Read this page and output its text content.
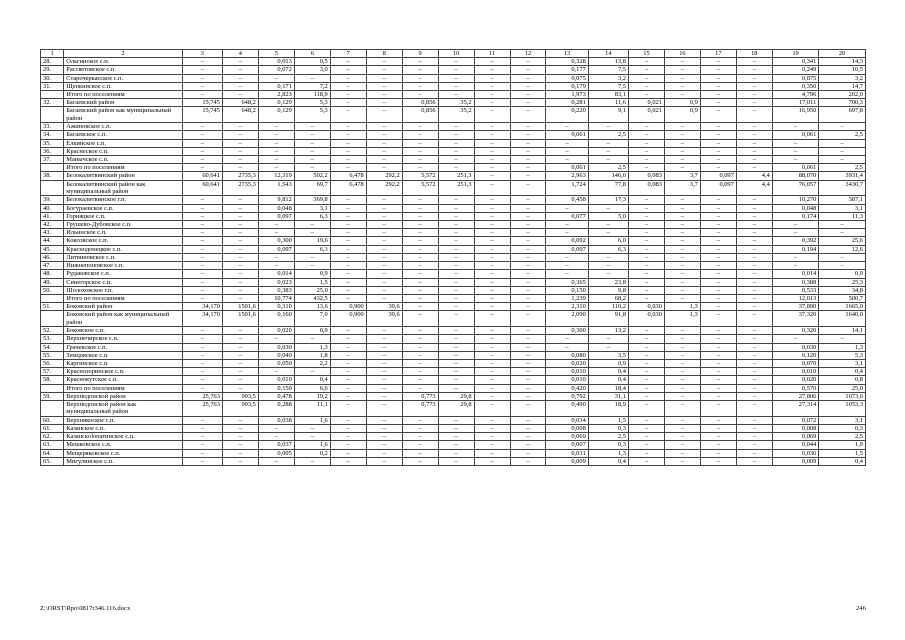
1	2	3	4	5	6	7	8	9	10	11	12	13	14	15	16	17	18	19	20
28.	Ольгинское с.п.	–	–	0,013	0,5	–	–	–	–	–	–	0,328	13,8	–	–	–	–	0,341	14,3
29.	Рассветовское с.п.	–	–	0,072	3,0	–	–	–	–	–	–	0,177	7,5	–	–	–	–	0,249	10,5
30.	Старочеркасское с.п.	–	–	–	–	–	–	–	–	–	–	0,075	3,2	–	–	–	–	0,075	3,2
31.	Щепкинское с.п.	–	–	0,171	7,2	–	–	–	–	–	–	0,179	7,5	–	–	–	–	0,350	14,7
	Итого по поселениям	–	–	2,823	118,9	–	–	–	–	–	–	1,973	83,1	–	–	–	–	4,796	202,0
32.	Багаевский район	15,745	648,2	0,129	5,3	–	–	0,856	35,2	–	–	0,281	11,6	0,021	0,9	–	–	17,011	700,3
	Багаевский район как муниципальный район	15,745	648,2	0,129	5,3	–	–	0,856	35,2	–	–	0,220	9,1	0,021	0,9	–	–	16,950	697,8
33.	Ажиновское с.п.	–	–	–	–	–	–	–	–	–	–	–	–	–	–	–	–	–	–
34.	Багаевское с.п.	–	–	–	–	–	–	–	–	–	–	0,061	2,5	–	–	–	–	0,061	2,5
35.	Елкинское с.п.	–	–	–	–	–	–	–	–	–	–	–	–	–	–	–	–	–	–
36.	Краснеское с.п.	–	–	–	–	–	–	–	–	–	–	–	–	–	–	–	–	–	–
37.	Манычское с.п.	–	–	–	–	–	–	–	–	–	–	–	–	–	–	–	–	–	–
	Итого по поселениям	–	–	–	–	–	–	–	–	–	–	0,061	2,5	–	–	–	–	0,061	2,5
38.	Белокалитвинский район	60,641	2735,3	12,319	502,2	6,478	292,2	5,572	251,3	–	–	2,963	146,0	0,083	3,7	0,097	4,4	88,070	3931,4
	Белокалитвинский район как муниципальный район	60,641	2735,3	1,543	69,7	6,478	292,2	5,572	251,3	–	–	1,724	77,8	0,083	3,7	0,097	4,4	76,057	3430,7
39.	Белокалитвинское г.п.	–	–	9,812	369,8	–	–	–	–	–	–	0,458	17,3	–	–	–	–	10,270	387,1
40.	Богураевское с.п.	–	–	0,048	3,1	–	–	–	–	–	–	–	–	–	–	–	–	0,048	3,1
41.	Горняцкое с.п.	–	–	0,097	6,3	–	–	–	–	–	–	0,077	5,0	–	–	–	–	0,174	11,3
42.	Грушево-Дубовское с.п.	–	–	–	–	–	–	–	–	–	–	–	–	–	–	–	–	–	–
43.	Ильинское с.п.	–	–	–	–	–	–	–	–	–	–	–	–	–	–	–	–	–	–
44.	Коксовское с.п.	–	–	0,300	19,6	–	–	–	–	–	–	0,092	6,0	–	–	–	–	0,392	25,6
45.	Краснодонецкое с.п.	–	–	0,097	6,3	–	–	–	–	–	–	0,097	6,3	–	–	–	–	0,194	12,6
46.	Литвиновское с.п.	–	–	–	–	–	–	–	–	–	–	–	–	–	–	–	–	–	–
47.	Нижнепоповское с.п.	–	–	–	–	–	–	–	–	–	–	–	–	–	–	–	–	–	–
48.	Рудаковское с.п.	–	–	0,014	0,9	–	–	–	–	–	–	–	–	–	–	–	–	0,014	0,9
49.	Синегорское с.п.	–	–	0,023	1,5	–	–	–	–	–	–	0,365	23,8	–	–	–	–	0,388	25,3
50.	Шолоховское г.п.	–	–	0,383	25,0	–	–	–	–	–	–	0,150	9,8	–	–	–	–	0,533	34,8
	Итого по поселениям	–	–	10,774	432,5	–	–	–	–	–	–	1,239	68,2	–	–	–	–	12,013	500,7
51.	Боковский район	34,170	1501,6	0,310	13,6	0,900	39,6	–	–	–	–	2,310	110,2	0,030	1,3	–	–	37,890	1665,0
	Боковский район как муниципальный район	34,170	1501,6	0,160	7,0	0,900	39,6	–	–	–	–	2,090	91,8	0,030	1,3	–	–	37,320	1640,0
52.	Боковское с.п.	–	–	0,020	0,9	–	–	–	–	–	–	0,300	13,2	–	–	–	–	0,320	14,1
53.	Верхнечирское с.п.	–	–	–	–	–	–	–	–	–	–	–	–	–	–	–	–	–	–
54.	Грачевское с.п.	–	–	0,030	1,3	–	–	–	–	–	–	–	–	–	–	–	–	0,030	1,3
55.	Земцовское с.п.	–	–	0,040	1,8	–	–	–	–	–	–	0,080	3,5	–	–	–	–	0,120	5,3
56.	Каргинское с.п.	–	–	0,050	2,2	–	–	–	–	–	–	0,020	0,9	–	–	–	–	0,070	3,1
57.	Краснозоринское с.п.	–	–	–	–	–	–	–	–	–	–	0,010	0,4	–	–	–	–	0,010	0,4
58.	Краснокутское с.п.	–	–	0,010	0,4	–	–	–	–	–	–	0,010	0,4	–	–	–	–	0,020	0,8
	Итого по поселениям	–	–	0,150	6,6	–	–	–	–	–	–	0,420	18,4	–	–	–	–	0,570	25,0
59.	Верхнедонской район	25,763	993,5	0,478	19,2	–	–	0,773	29,8	–	–	0,792	31,1	–	–	–	–	27,806	1073,6
	Верхнедонской район как муниципальный район	25,763	993,5	0,288	11,1	–	–	0,773	29,8	–	–	0,490	18,9	–	–	–	–	27,314	1053,3
60.	Верхнякоское с.п.	–	–	0,038	1,6	–	–	–	–	–	–	0,034	1,5	–	–	–	–	0,072	3,1
61.	Казанское с.п.	–	–	–	–	–	–	–	–	–	–	0,008	0,3	–	–	–	–	0,008	0,3
62.	Казанскolопатинское с.п.	–	–	–	–	–	–	–	–	–	–	0,069	2,5	–	–	–	–	0,069	2,5
63.	Мешковское с.п.	–	–	0,037	1,6	–	–	–	–	–	–	0,007	0,3	–	–	–	–	0,044	1,9
64.	Мещеряковское с.п.	–	–	0,005	0,2	–	–	–	–	–	–	0,031	1,3	–	–	–	–	0,036	1,5
65.	Мигулинское с.п.	–	–	–	–	–	–	–	–	–	–	0,009	0,4	–	–	–	–	0,009	0,4
Z:\ORST\Rpo\0817r346.116.docx	246
